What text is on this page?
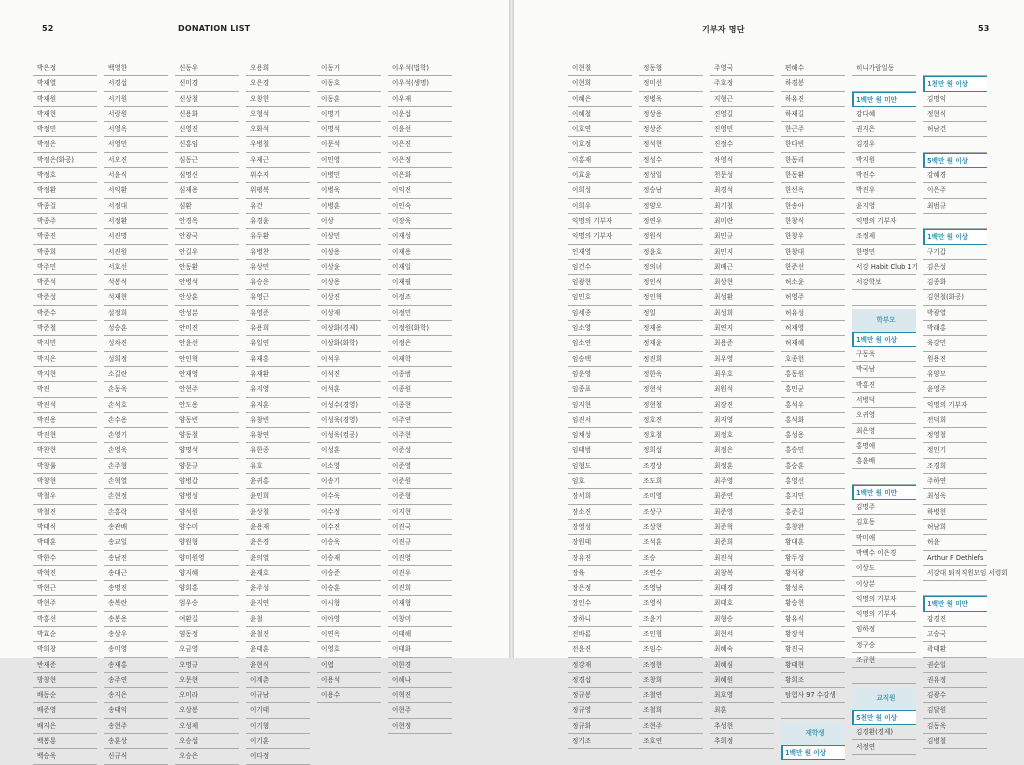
52	DONATION LIST
박은정
박재열
박재원
박재현
박정민
박정은
박정은(화공)
박정호
박정환
박종걸
박종주
박종진
박종희
박주민
박준석
박준성
박준수
박준철
박지민
박지은
박지현
박진
박진석
박진용
박진현
박찬현
박창률
박창현
박철우
박철진
박태식
박태훈
박한수
박혁진
박현근
박현주
박홍선
박효순
박희창
반재준
방창현
배동순
배준영
배지은
백봉룡
백승욱
백영한
서경섭
서기원
서랑원
서영옥
서영민
서오진
서윤식
서익환
서정대
서정환
서진명
서진원
서호선
석봉식
석재현
설정희
성승훈
성차진
성희정
소길란
손동욱
손석호
손수용
손영기
손영욱
손주형
손혁열
손현정
손홍락
송관배
송교일
송남진
송대근
송명진
송복란
송봉용
송상우
송미영
송재홍
송주연
송지은
송태익
송현주
송훈상
신규식
신동우
신미경
신상철
신용화
신영진
신홍임
심동근
심명신
심재용
심환
안경옥
안광국
안길우
안동환
안병석
안상훈
안성분
안미진
안윤선
안인혁
안재영
안현주
안도용
양동빈
양동철
양명석
양문규
양병갑
양병성
양석원
양수미
양원형
양미원영
양지혜
양희홍
엄우승
여환길
염동정
오금영
오명규
오문현
오미라
오상봉
오성제
오승섭
오승은
오용희
오은경
오창헌
오형석
오화석
우병철
우제근
위수지
위평복
유건
유경윤
유두환
유병찬
유상민
유승운
유영근
유영준
유용희
유일연
유재흥
유재환
유지영
유지훈
유창빈
유창연
유한종
유호
윤귀홍
윤민희
윤상철
윤용재
윤은경
윤의열
윤재호
윤주성
윤지연
윤철
윤철진
윤태훈
윤현식
이계춘
이규남
이기태
이기형
이기훈
이다정
이동기
이동호
이동훈
이명기
이명석
이문석
이민영
이병민
이병욱
이병훈
이상
이상민
이상용
이상윤
이상용
이상진
이상재
이상화(경제)
이상화(화학)
이석우
이석진
이석훈
이성수(경영)
이성욱(경영)
이성욱(컴공)
이성훈
이소영
이송기
이수욱
이수정
이수진
이승욱
이승재
이승준
이승훈
이시형
이아영
이연옥
이영호
이엽
이용석
이용수
이우석(법학)
이우석(생명)
이우재
이운섭
이윤선
이은진
이은정
이은화
이익진
이인숙
이장욱
이재성
이재용
이재일
이재필
이정조
이정민
이정원(화학)
이정은
이제학
이종범
이종원
이종현
이주연
이주현
이준성
이준영
이준원
이준형
이지현
이진국
이진규
이진영
이진우
이진희
이재형
이창미
이태해
이태화
이한경
이해나
이혁진
이현주
이현정
기부자 명단	53
이현철
이현희
이혜은
이혜철
이호연
이호정
이홍재
이효윤
이희성
이희우
익명의 기부자
익명의 기부자
인재영
임건수
임광현
임민호
임세종
임소영
임소연
임승택
임운영
임종표
임지현
임진서
임채성
임태범
임형도
임호
장서희
장소진
장영성
장원태
장유진
장육
장은정
장인수
장하니
전바롬
전윤진
정강재
정경섭
정규봉
정규영
정규화
정기조
정동형
정미선
정병욱
정상용
정상준
정석현
정성수
정성일
정승남
정양오
정연우
정원식
정윤호
정의녀
정인식
정인혁
정일
정재용
정재윤
정진희
정한욱
정현석
정현철
정호진
정호철
정희섭
조경상
조도희
조미영
조상구
조상현
조석훈
조승
조연수
조영남
조영식
조윤기
조인형
조임수
조정현
조창희
조철연
조철희
조현주
조호연
주영국
주호정
지형근
진영길
진영민
진정수
차영식
천문성
최경석
최기철
최미란
최민규
최민지
최배근
최상현
최성환
최성희
최연지
최용준
최우영
최우호
최원석
최장진
최지영
최정호
최정은
최정훈
최주영
최준연
최준영
최준혁
최준희
최진석
최창복
최태경
최태호
최형승
최현서
최혜숙
최혜심
최혜원
최호영
최훈
추성현
추희정
편혜수
하경봉
하유진
하재길
한근주
한다빈
한동리
한동환
한선옥
한송아
한창식
한창우
한창대
한준선
허소윤
허영주
허유성
허재영
허재혜
호종헌
홍동원
홍민균
홍석우
홍석화
홍성용
홍승민
홍승훈
홍영선
홍지민
홍준길
홍창완
황대훈
황두성
황석광
황성옥
황승현
황유식
황장석
황진국
황태현
황희조
탐험사 97 수강생
재학생
1백만 원 이상
히니가람일동
1백만 원 미만
강다혜
권지은
김경우
박지원
박진수
박진우
윤지영
익명의 기부자
조정제
한명민
서강 Habit Club 1기
서강학보
학부모
1백만 원 이상
구동욱
박국남
박홍진
서병덕
오귀영
최은영
홍명애
홍윤배
1백만 원 미만
김명주
김호동
박미애
박백수 이은경
이상도
이상분
익명의 기부자
익명의 기부자
임하정
정구승
조규현
교직원
5천만 원 이상
김경환(경제)
서정연
1천만 원 이상
김명익
정현식
허남건
5백만 원 이상
강혜경
이은주
최범규
1백만 원 이상
구기갑
김은성
김종화
김현철(화공)
박광열
박래홍
육강민
원용진
유양모
윤영주
익명의 기부자
전덕희
정영철
정인기
조경희
주하연
최성욱
하병헌
허남희
허윤
Arthur F Dethlefs
서강대 퇴직직원모임 서령회
1백만 원 미만
강경진
고승국
곽태환
권순일
권유정
김광수
김달원
김동욱
김병철
